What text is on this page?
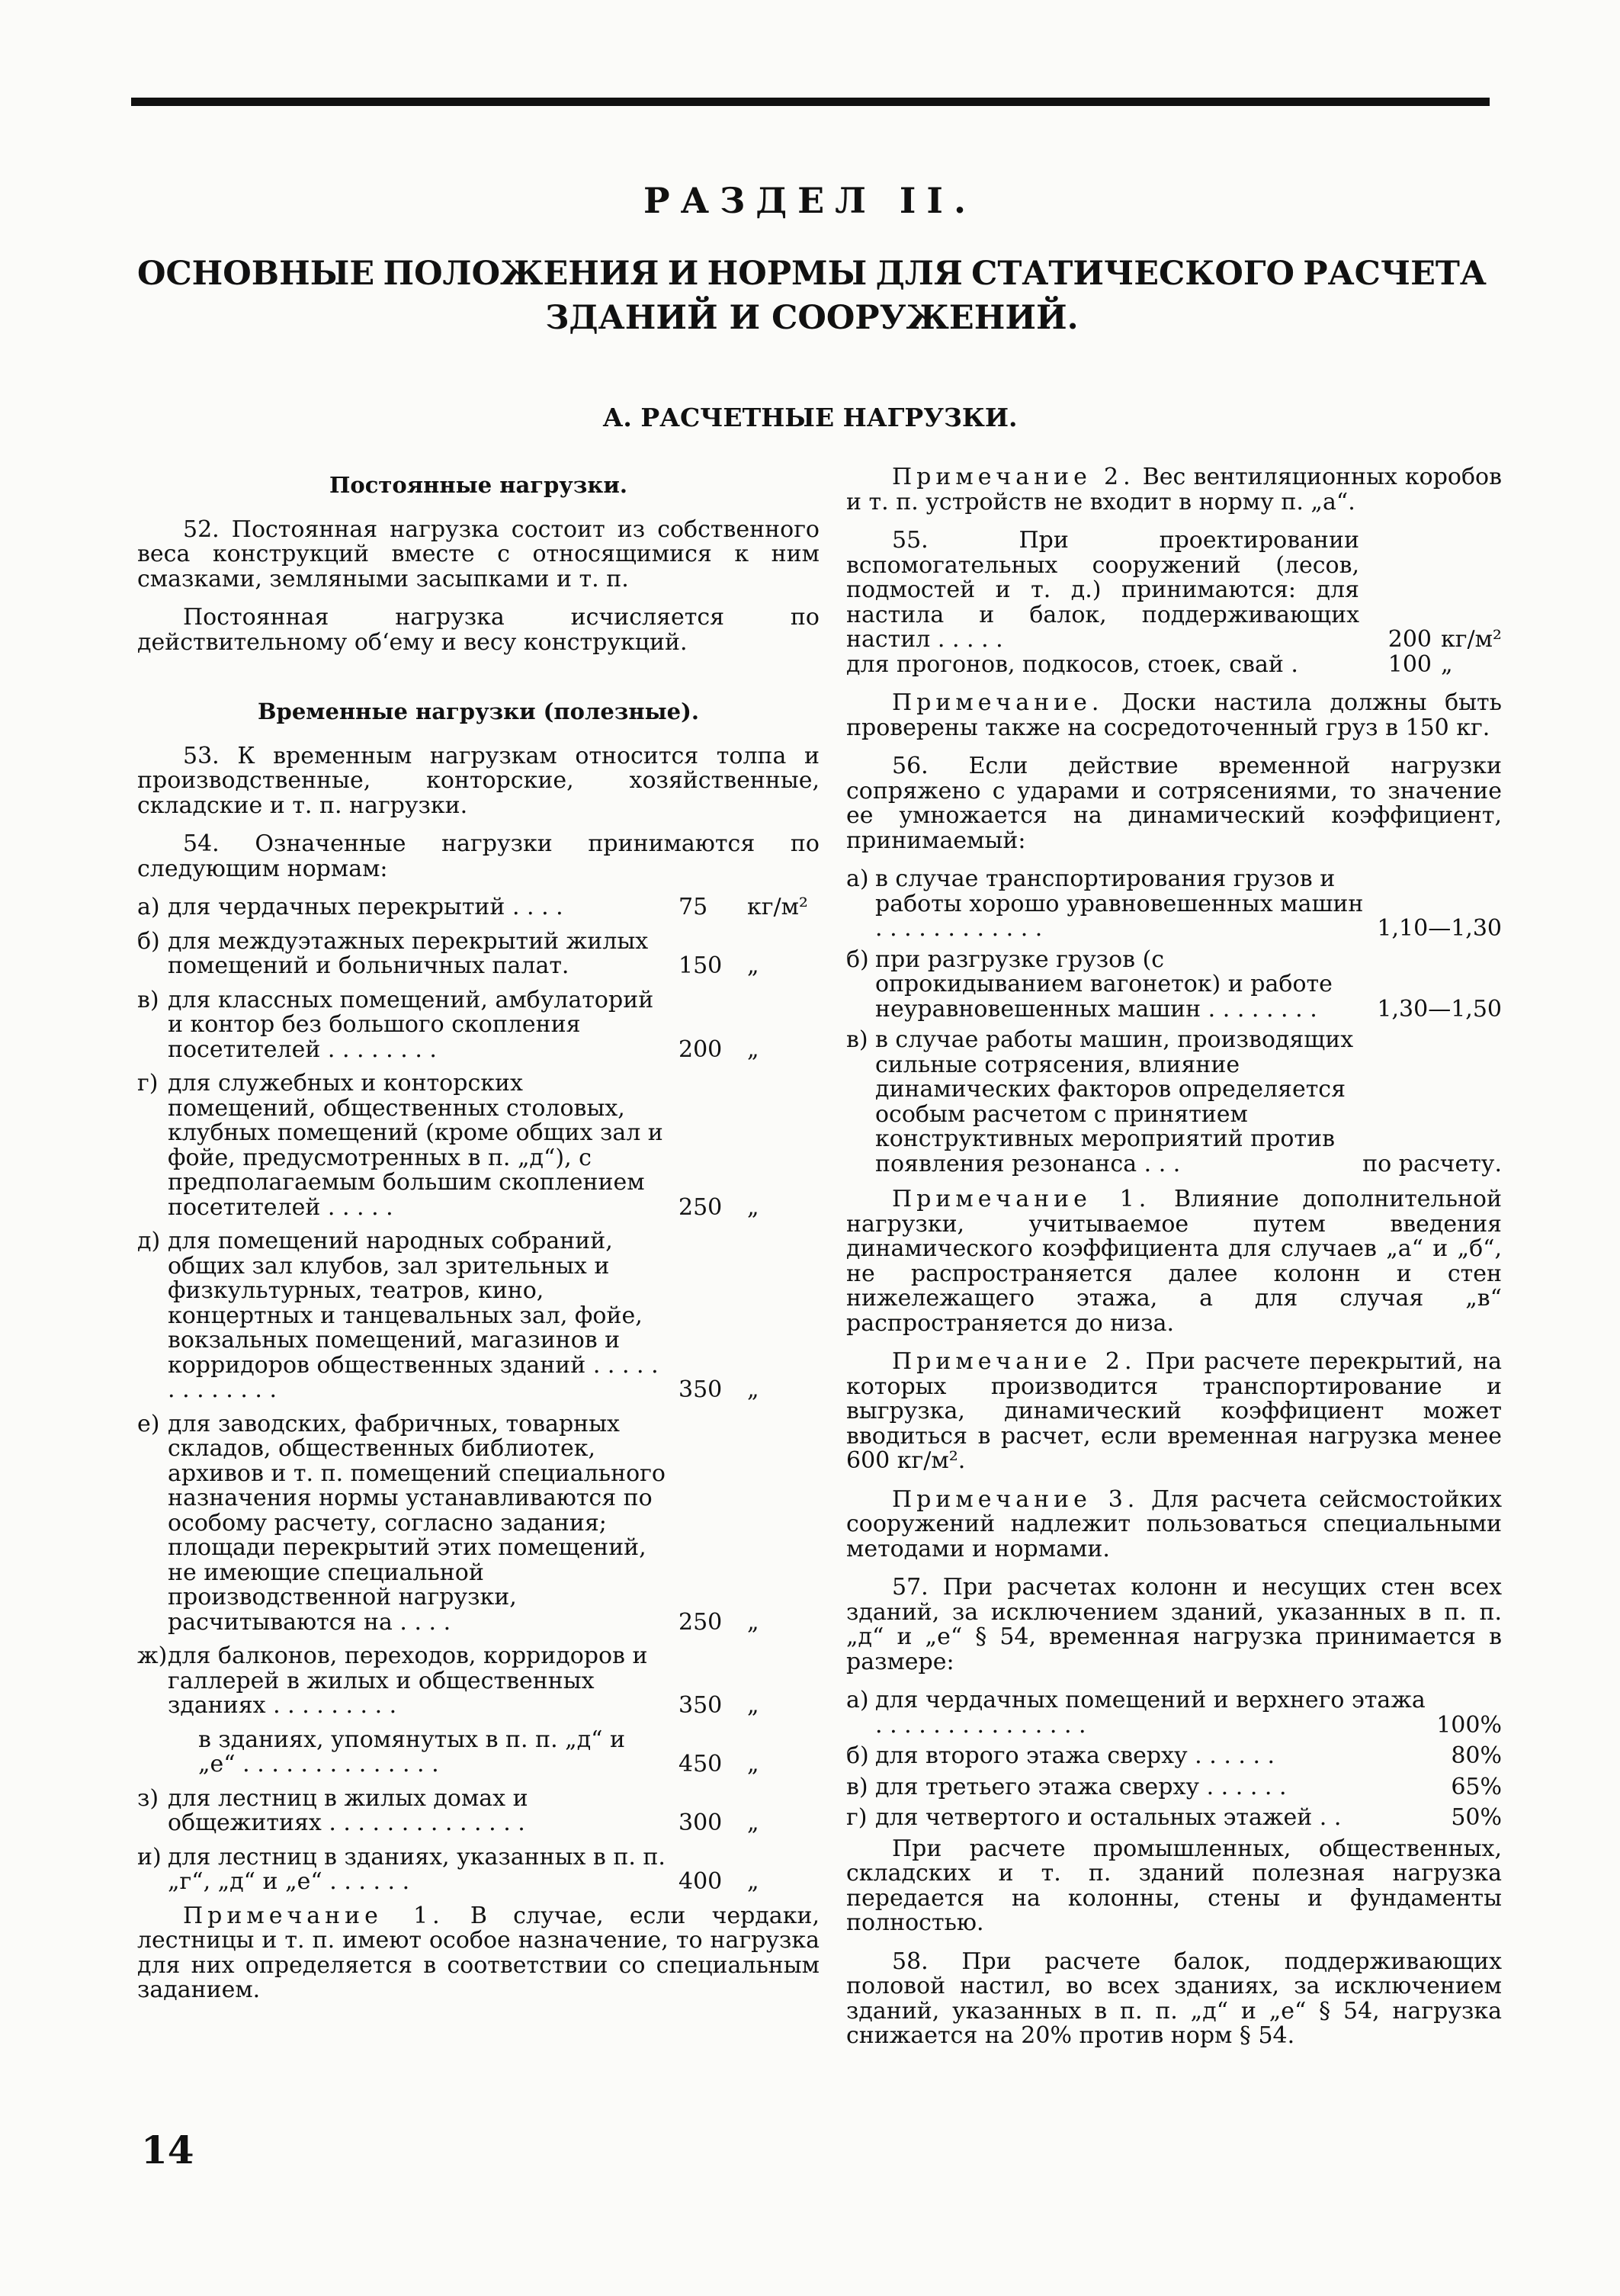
РАЗДЕЛ II.
ОСНОВНЫЕ ПОЛОЖЕНИЯ И НОРМЫ ДЛЯ СТАТИЧЕСКОГО РАСЧЕТА
ЗДАНИЙ И СООРУЖЕНИЙ.
А. РАСЧЕТНЫЕ НАГРУЗКИ.
Постоянные нагрузки.

52. Постоянная нагрузка состоит из собственного веса конструкций вместе с относящимися к ним смазками, земляными засыпками и т. п.

Постоянная нагрузка исчисляется по действительному об‘ему и весу конструкций.

Временные нагрузки (полезные).

53. К временным нагрузкам относится толпа и производственные, конторские, хозяйственные, складские и т. п. нагрузки.

54. Означенные нагрузки принимаются по следующим нормам:

а) для чердачных перекрытий . . . .	75	кг/м²
б) для междуэтажных перекрытий жилых помещений и больничных палат.	150	„
в) для классных помещений, амбулаторий и контор без большого скопления посетителей . . . . . . . .	200	„
г) для служебных и конторских помещений, общественных столовых, клубных помещений (кроме общих зал и фойе, предусмотренных в п. „д“), с предполагаемым большим скоплением посетителей . . . . .	250	„
д) для помещений народных собраний, общих зал клубов, зал зрительных и физкультурных, театров, кино, концертных и танцевальных зал, фойе, вокзальных помещений, магазинов и корридоров общественных зданий . . . . . . . . . . . . .	350	„
е) для заводских, фабричных, товарных складов, общественных библиотек, архивов и т. п. помещений специального назначения нормы устанавливаются по особому расчету, согласно задания; площади перекрытий этих помещений, не имеющие специальной производственной нагрузки, расчитываются на . . . .	250	„
ж) для балконов, переходов, корридоров и галлерей в жилых и общественных зданиях . . . . . . . . .	350	„
в зданиях, упомянутых в п. п. „д“ и „е“ . . . . . . . . . . . . . .	450	„
з) для лестниц в жилых домах и общежитиях . . . . . . . . . . . . . .	300	„
и) для лестниц в зданиях, указанных в п. п. „г“, „д“ и „е“ . . . . . .	400	„

Примечание 1. В случае, если чердаки, лестницы и т. п. имеют особое назначение, то нагрузка для них определяется в соответствии со специальным заданием.

Примечание 2. Вес вентиляционных коробов и т. п. устройств не входит в норму п. „а“.

55. При проектировании вспомогательных сооружений (лесов, подмостей и т. д.) принимаются: для настила и балок, поддерживающих настил . . . . .	200 кг/м²
для прогонов, подкосов, стоек, свай .	100 „

Примечание. Доски настила должны быть проверены также на сосредоточенный груз в 150 кг.

56. Если действие временной нагрузки сопряжено с ударами и сотрясениями, то значение ее умножается на динамический коэффициент, принимаемый:

а) в случае транспортирования грузов и работы хорошо уравновешенных машин . . . . . . . . . . . .	1,10—1,30
б) при разгрузке грузов (с опрокидыванием вагонеток) и работе неуравновешенных машин . . . . . . . .	1,30—1,50
в) в случае работы машин, производящих сильные сотрясения, влияние динамических факторов определяется особым расчетом с принятием конструктивных мероприятий против появления резонанса . . .	по расчету.

Примечание 1. Влияние дополнительной нагрузки, учитываемое путем введения динамического коэффициента для случаев „а“ и „б“, не распространяется далее колонн и стен нижележащего этажа, а для случая „в“ распространяется до низа.

Примечание 2. При расчете перекрытий, на которых производится транспортирование и выгрузка, динамический коэффициент может вводиться в расчет, если временная нагрузка менее 600 кг/м².

Примечание 3. Для расчета сейсмостойких сооружений надлежит пользоваться специальными методами и нормами.

57. При расчетах колонн и несущих стен всех зданий, за исключением зданий, указанных в п. п. „д“ и „е“ § 54, временная нагрузка принимается в размере:

а) для чердачных помещений и верхнего этажа . . . . . . . . . . . . . . .	100%
б) для второго этажа сверху . . . . . .	80%
в) для третьего этажа сверху . . . . . .	65%
г) для четвертого и остальных этажей . .	50%

При расчете промышленных, общественных, складских и т. п. зданий полезная нагрузка передается на колонны, стены и фундаменты полностью.

58. При расчете балок, поддерживающих половой настил, во всех зданиях, за исключением зданий, указанных в п. п. „д“ и „е“ § 54, нагрузка снижается на 20% против норм § 54.

14
